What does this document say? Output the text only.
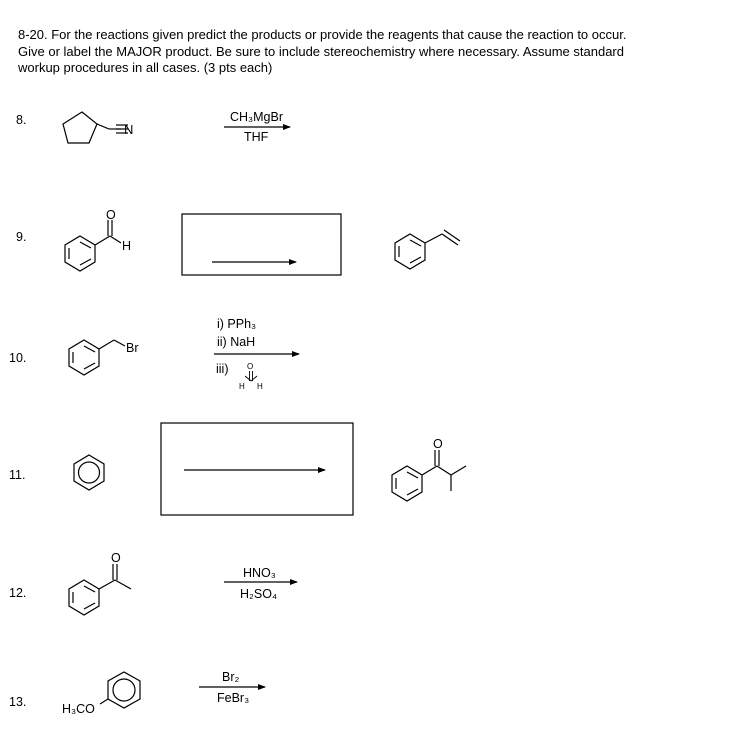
8-20. For the reactions given predict the products or provide the reagents that cause the reaction to occur.
Give or label the MAJOR product. Be sure to include stereochemistry where necessary. Assume standard
workup procedures in all cases. (3 pts each)
8.
9.
10.
11.
12.
13.
N
O
H
Br
O
O
H₃CO
CH₃MgBr
THF
i) PPh₃
ii) NaH
iii) O
H H
HNO₃
H₂SO₄
Br₂
FeBr₃
